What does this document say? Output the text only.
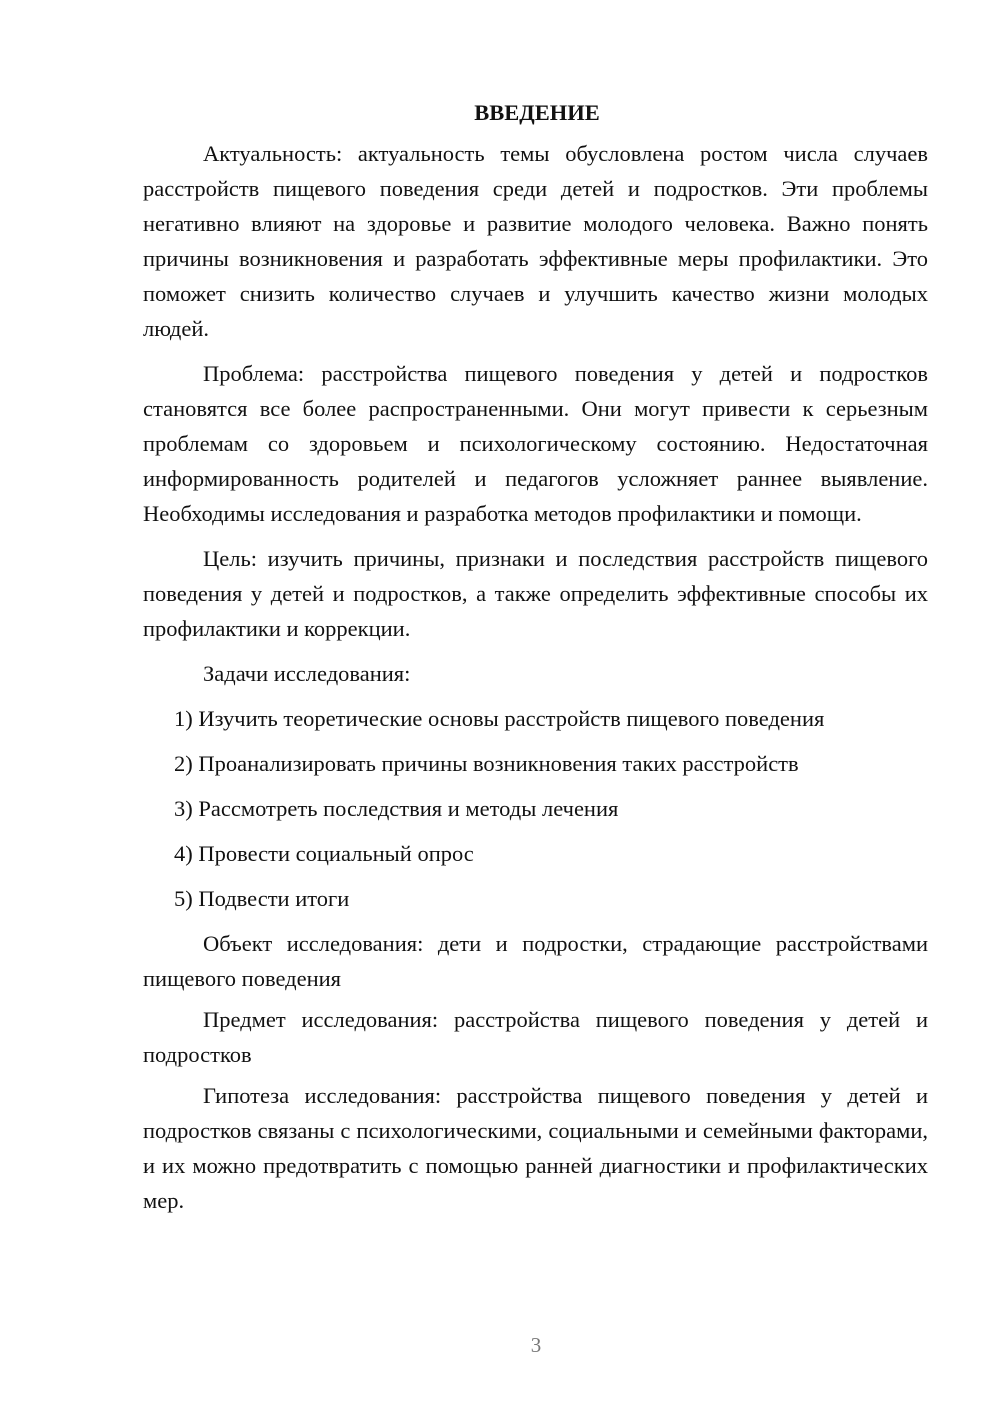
ВВЕДЕНИЕ

Актуальность: актуальность темы обусловлена ростом числа случаев расстройств пищевого поведения среди детей и подростков. Эти проблемы негативно влияют на здоровье и развитие молодого человека. Важно понять причины возникновения и разработать эффективные меры профилактики. Это поможет снизить количество случаев и улучшить качество жизни молодых людей.

Проблема: расстройства пищевого поведения у детей и подростков становятся все более распространенными. Они могут привести к серьезным проблемам со здоровьем и психологическому состоянию. Недостаточная информированность родителей и педагогов усложняет раннее выявление. Необходимы исследования и разработка методов профилактики и помощи.

Цель: изучить причины, признаки и последствия расстройств пищевого поведения у детей и подростков, а также определить эффективные способы их профилактики и коррекции.

Задачи исследования:

1) Изучить теоретические основы расстройств пищевого поведения
2) Проанализировать причины возникновения таких расстройств
3) Рассмотреть последствия и методы лечения
4) Провести социальный опрос
5) Подвести итоги

Объект исследования: дети и подростки, страдающие расстройствами пищевого поведения

Предмет исследования: расстройства пищевого поведения у детей и подростков

Гипотеза исследования: расстройства пищевого поведения у детей и подростков связаны с психологическими, социальными и семейными факторами, и их можно предотвратить с помощью ранней диагностики и профилактических мер.

3
